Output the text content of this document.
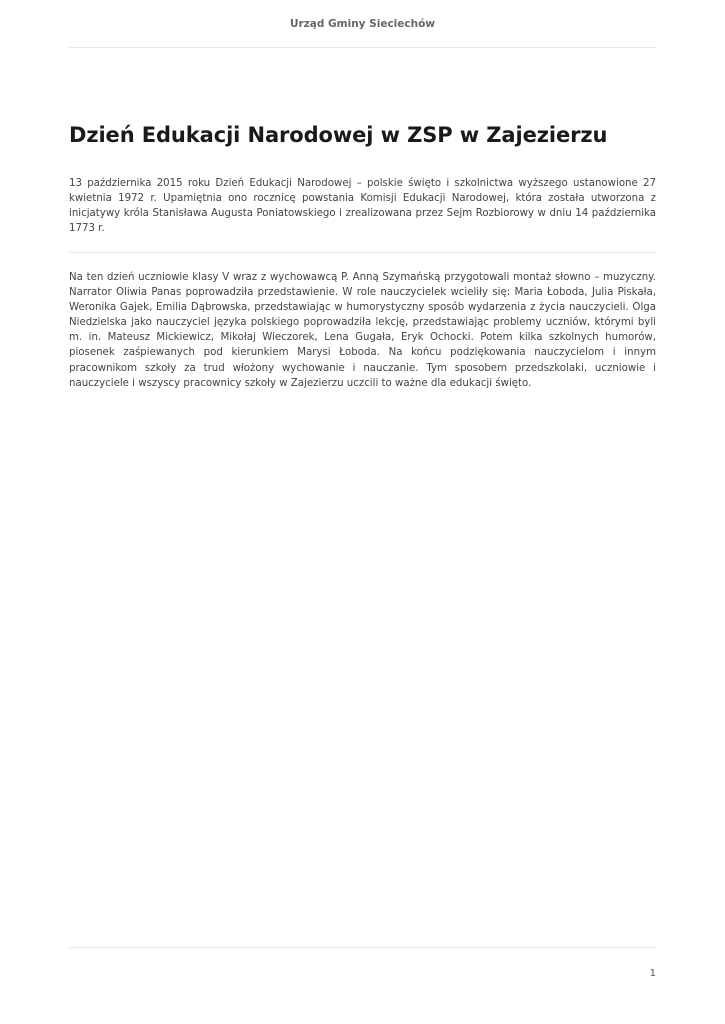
Urząd Gminy Sieciechów
Dzień Edukacji Narodowej w ZSP w Zajezierzu

13 października 2015 roku Dzień Edukacji Narodowej – polskie święto i szkolnictwa wyższego ustanowione 27 kwietnia 1972 r. Upamiętnia ono rocznicę powstania Komisji Edukacji Narodowej, która została utworzona z inicjatywy króla Stanisława Augusta Poniatowskiego i zrealizowana przez Sejm Rozbiorowy w dniu 14 października 1773 r.

Na ten dzień uczniowie klasy V wraz z wychowawcą P. Anną Szymańską przygotowali montaż słowno – muzyczny. Narrator Oliwia Panas poprowadziła przedstawienie. W role nauczycielek wcieliły się: Maria Łoboda, Julia Piskała, Weronika Gajek, Emilia Dąbrowska, przedstawiając w humorystyczny sposób wydarzenia z życia nauczycieli. Olga Niedzielska jako nauczyciel języka polskiego poprowadziła lekcję, przedstawiając problemy uczniów, którymi byli m. in. Mateusz Mickiewicz, Mikołaj Wieczorek, Lena Gugała, Eryk Ochocki. Potem kilka szkolnych humorów, piosenek zaśpiewanych pod kierunkiem Marysi Łoboda. Na końcu podziękowania nauczycielom i innym pracownikom szkoły za trud włożony wychowanie i nauczanie. Tym sposobem przedszkolaki, uczniowie i nauczyciele i wszyscy pracownicy szkoły w Zajezierzu uczcili to ważne dla edukacji święto.

1
